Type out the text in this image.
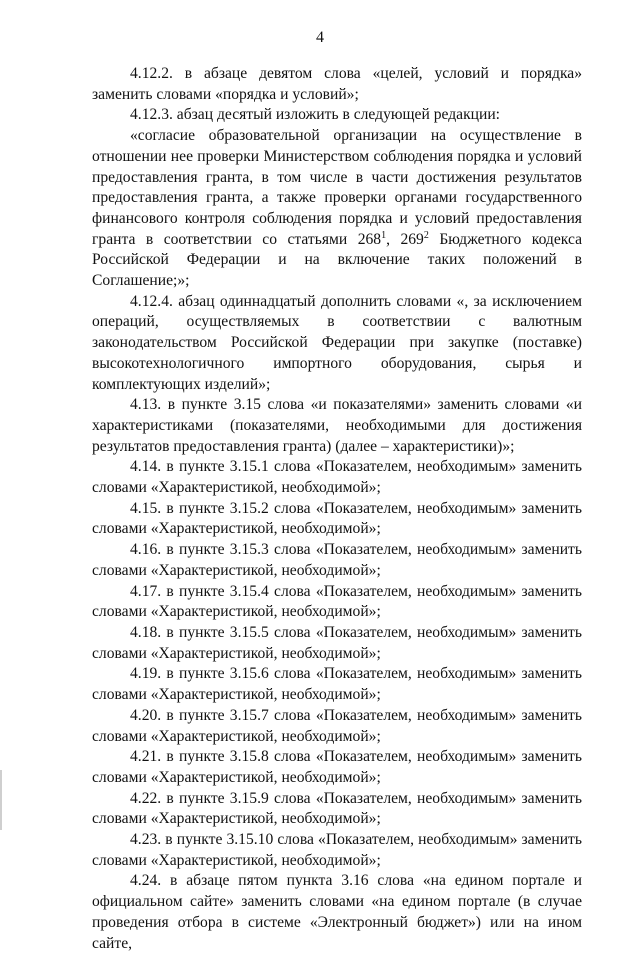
4

4.12.2. в абзаце девятом слова «целей, условий и порядка» заменить словами «порядка и условий»;

4.12.3. абзац десятый изложить в следующей редакции:

«согласие образовательной организации на осуществление в отношении нее проверки Министерством соблюдения порядка и условий предоставления гранта, в том числе в части достижения результатов предоставления гранта, а также проверки органами государственного финансового контроля соблюдения порядка и условий предоставления гранта в соответствии со статьями $268^1$, $269^2$ Бюджетного кодекса Российской Федерации и на включение таких положений в Соглашение;»;

4.12.4. абзац одиннадцатый дополнить словами «, за исключением операций, осуществляемых в соответствии с валютным законодательством Российской Федерации при закупке (поставке) высокотехнологичного импортного оборудования, сырья и комплектующих изделий»;

4.13. в пункте 3.15 слова «и показателями» заменить словами «и характеристиками (показателями, необходимыми для достижения результатов предоставления гранта) (далее – характеристики)»;

4.14. в пункте 3.15.1 слова «Показателем, необходимым» заменить словами «Характеристикой, необходимой»;

4.15. в пункте 3.15.2 слова «Показателем, необходимым» заменить словами «Характеристикой, необходимой»;

4.16. в пункте 3.15.3 слова «Показателем, необходимым» заменить словами «Характеристикой, необходимой»;

4.17. в пункте 3.15.4 слова «Показателем, необходимым» заменить словами «Характеристикой, необходимой»;

4.18. в пункте 3.15.5 слова «Показателем, необходимым» заменить словами «Характеристикой, необходимой»;

4.19. в пункте 3.15.6 слова «Показателем, необходимым» заменить словами «Характеристикой, необходимой»;

4.20. в пункте 3.15.7 слова «Показателем, необходимым» заменить словами «Характеристикой, необходимой»;

4.21. в пункте 3.15.8 слова «Показателем, необходимым» заменить словами «Характеристикой, необходимой»;

4.22. в пункте 3.15.9 слова «Показателем, необходимым» заменить словами «Характеристикой, необходимой»;

4.23. в пункте 3.15.10 слова «Показателем, необходимым» заменить словами «Характеристикой, необходимой»;

4.24. в абзаце пятом пункта 3.16 слова «на едином портале и официальном сайте» заменить словами «на едином портале (в случае проведения отбора в системе «Электронный бюджет») или на ином сайте,
